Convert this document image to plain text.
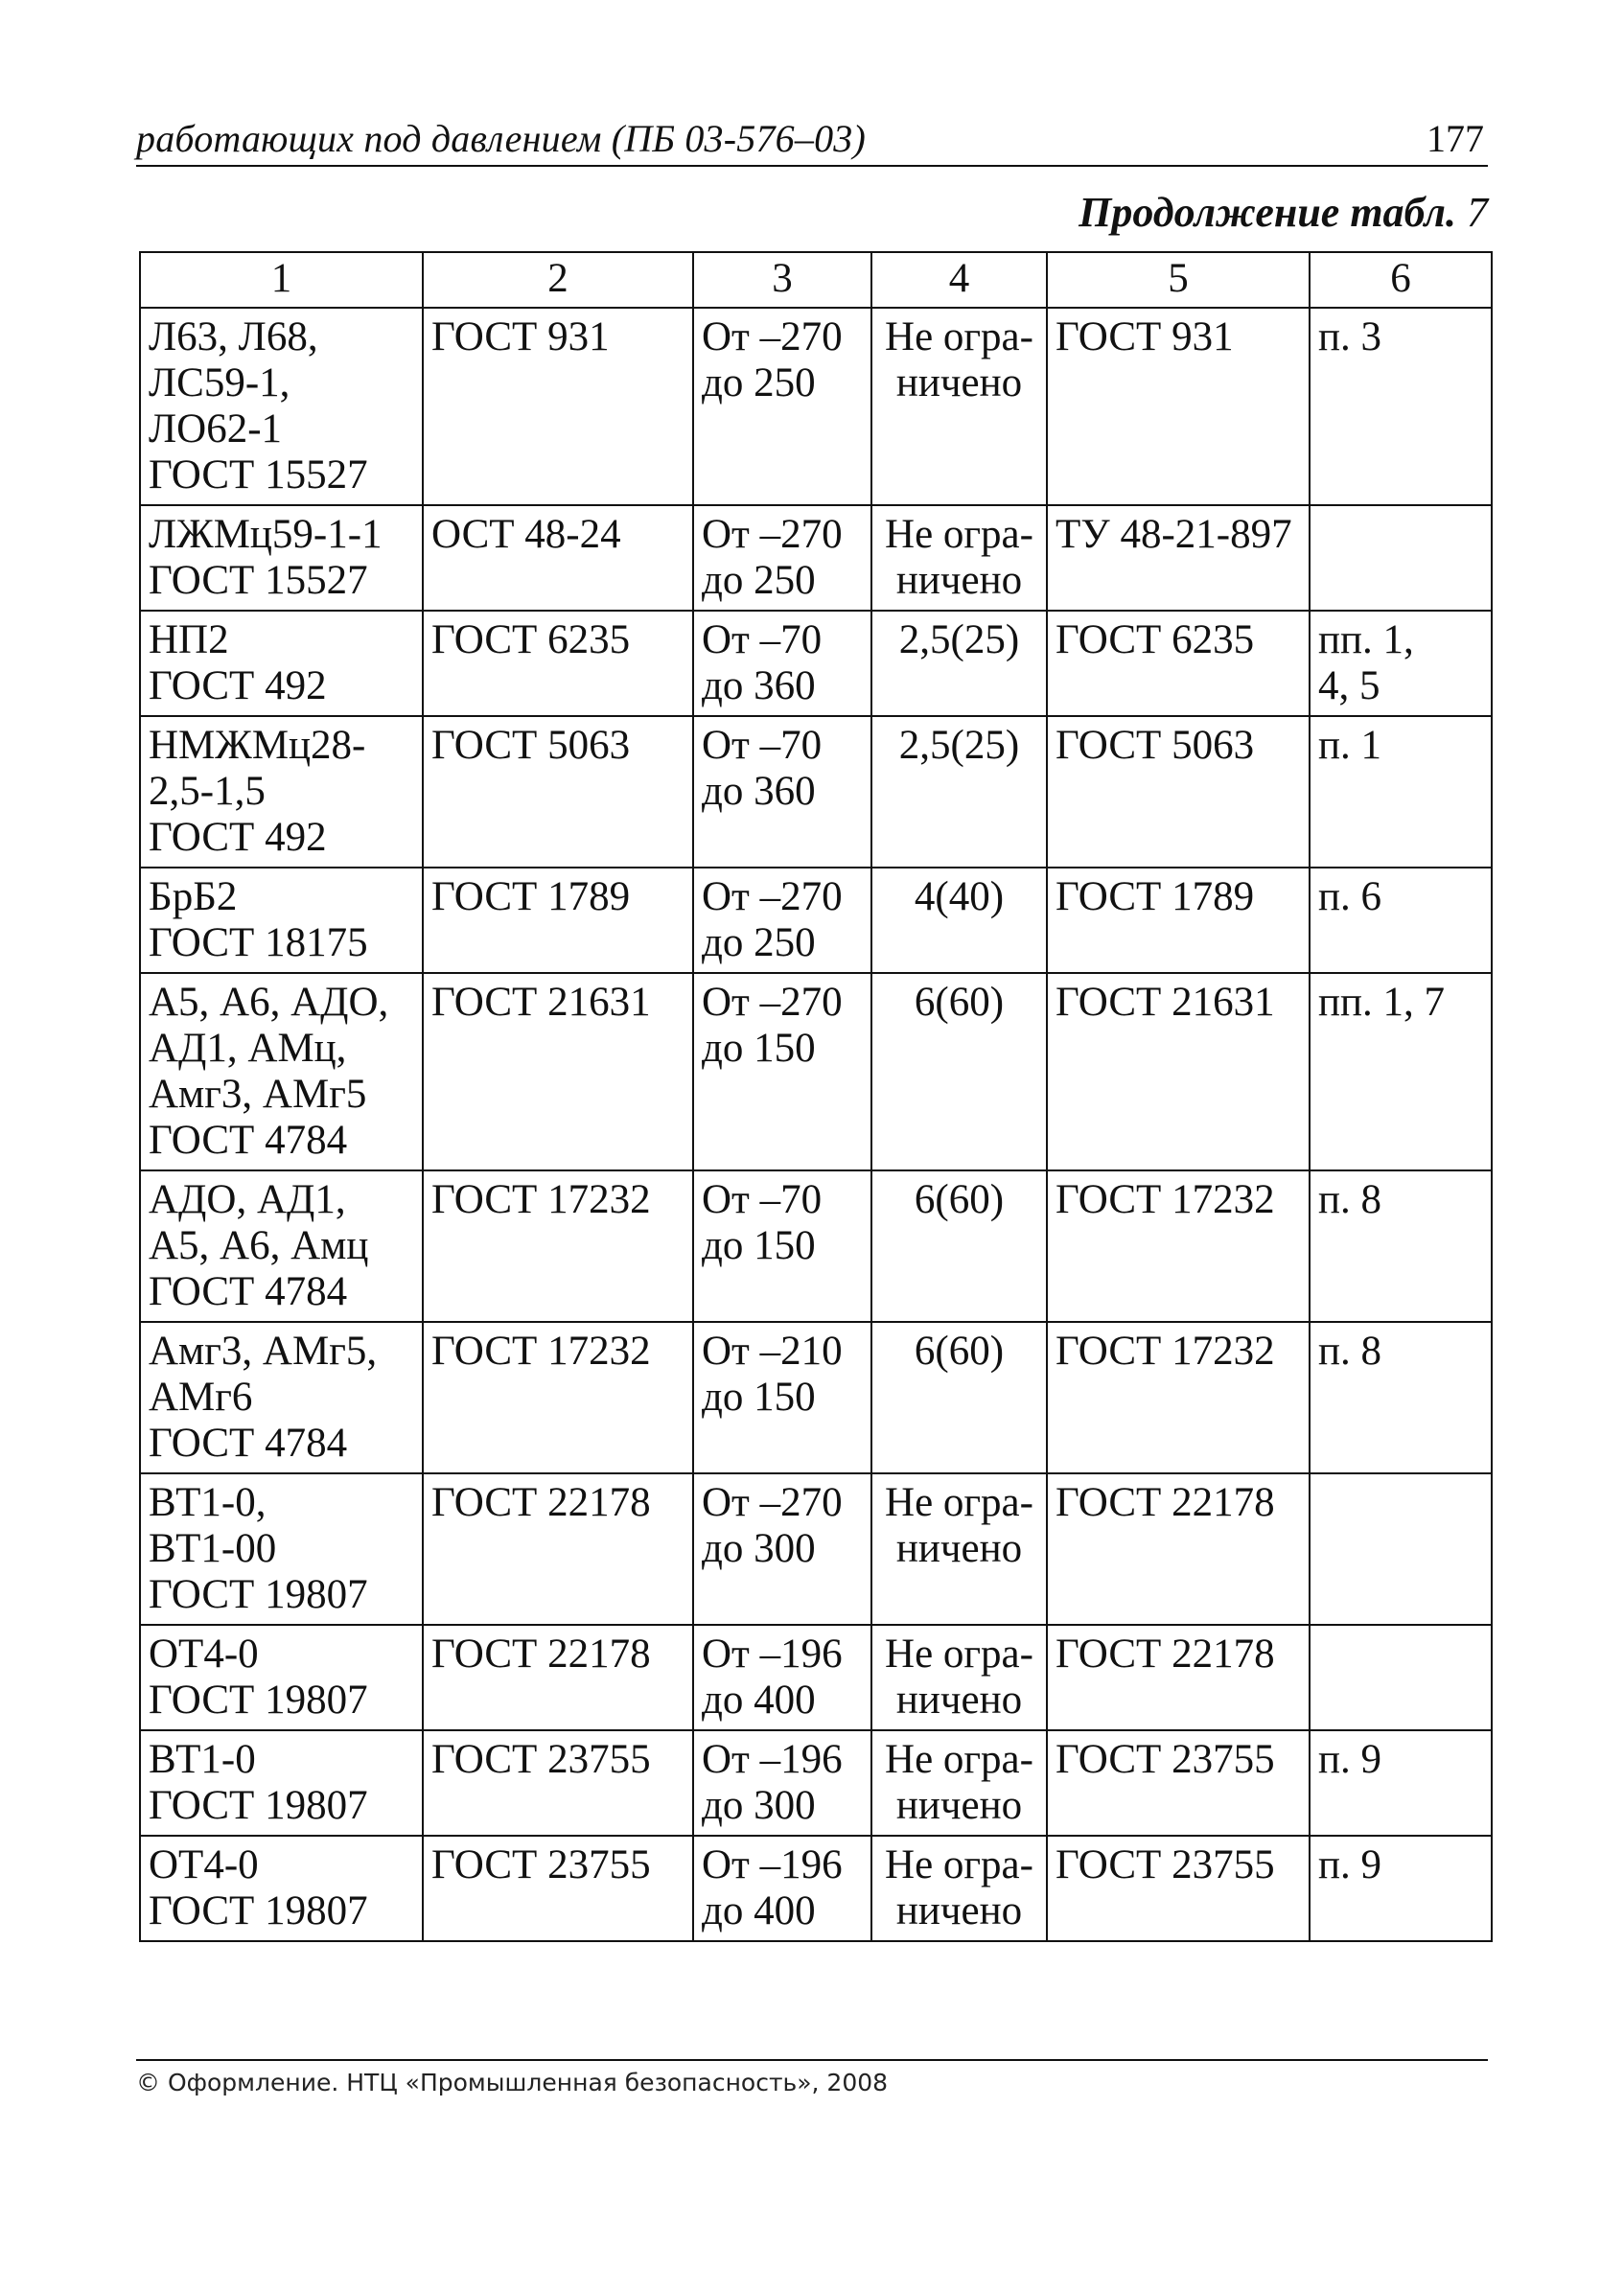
работающих под давлением (ПБ 03-576–03)	177
Продолжение табл. 7
1	2	3	4	5	6
Л63, Л68,
ЛС59-1,
ЛО62-1
ГОСТ 15527	ГОСТ 931	От –270
до 250	Не огра-
ничено	ГОСТ 931	п. 3
ЛЖМц59-1-1
ГОСТ 15527	ОСТ 48-24	От –270
до 250	Не огра-
ничено	ТУ 48-21-897	
НП2
ГОСТ 492	ГОСТ 6235	От –70
до 360	2,5(25)	ГОСТ 6235	пп. 1,
4, 5
НМЖМц28-
2,5-1,5
ГОСТ 492	ГОСТ 5063	От –70
до 360	2,5(25)	ГОСТ 5063	п. 1
БрБ2
ГОСТ 18175	ГОСТ 1789	От –270
до 250	4(40)	ГОСТ 1789	п. 6
А5, А6, АДО,
АД1, АМц,
Амг3, АМг5
ГОСТ 4784	ГОСТ 21631	От –270
до 150	6(60)	ГОСТ 21631	пп. 1, 7
АДО, АД1,
А5, А6, Амц
ГОСТ 4784	ГОСТ 17232	От –70
до 150	6(60)	ГОСТ 17232	п. 8
Амг3, АМг5,
АМг6
ГОСТ 4784	ГОСТ 17232	От –210
до 150	6(60)	ГОСТ 17232	п. 8
ВТ1-0,
ВТ1-00
ГОСТ 19807	ГОСТ 22178	От –270
до 300	Не огра-
ничено	ГОСТ 22178	
ОТ4-0
ГОСТ 19807	ГОСТ 22178	От –196
до 400	Не огра-
ничено	ГОСТ 22178	
ВТ1-0
ГОСТ 19807	ГОСТ 23755	От –196
до 300	Не огра-
ничено	ГОСТ 23755	п. 9
ОТ4-0
ГОСТ 19807	ГОСТ 23755	От –196
до 400	Не огра-
ничено	ГОСТ 23755	п. 9
© Оформление. НТЦ «Промышленная безопасность», 2008
